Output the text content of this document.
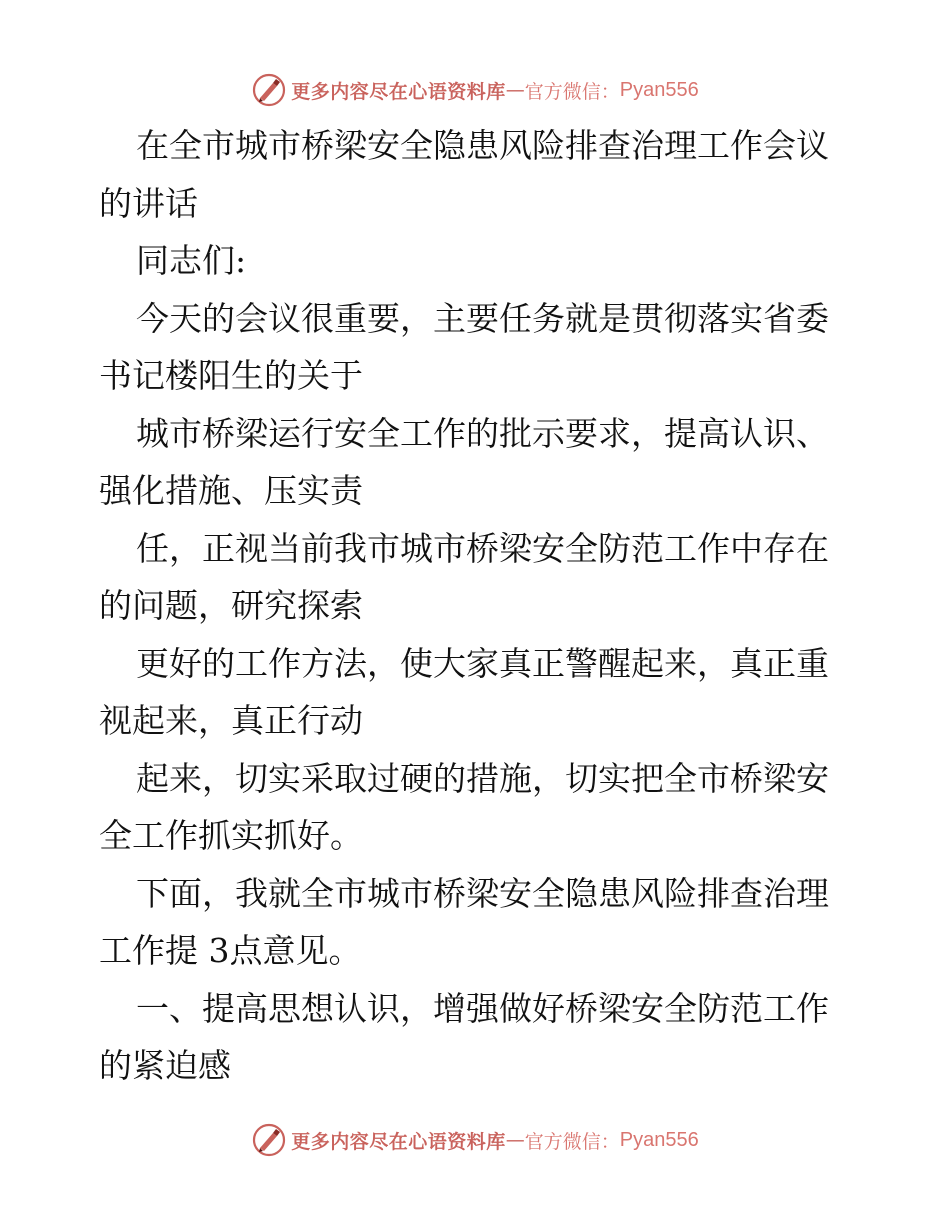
更多内容尽在心语资料库 — 官方微信： Pyan556

在全市城市桥梁安全隐患风险排查治理工作会议
的讲话

同志们:

今天的会议很重要，主要任务就是贯彻落实省委
书记楼阳生的关于

城市桥梁运行安全工作的批示要求，提高认识、
强化措施、压实责

任，正视当前我市城市桥梁安全防范工作中存在
的问题，研究探索

更好的工作方法，使大家真正警醒起来，真正重
视起来，真正行动

起来，切实采取过硬的措施，切实把全市桥梁安
全工作抓实抓好。

下面，我就全市城市桥梁安全隐患风险排查治理
工作提 3点意见。

一、提高思想认识，增强做好桥梁安全防范工作
的紧迫感

更多内容尽在心语资料库 — 官方微信： Pyan556
